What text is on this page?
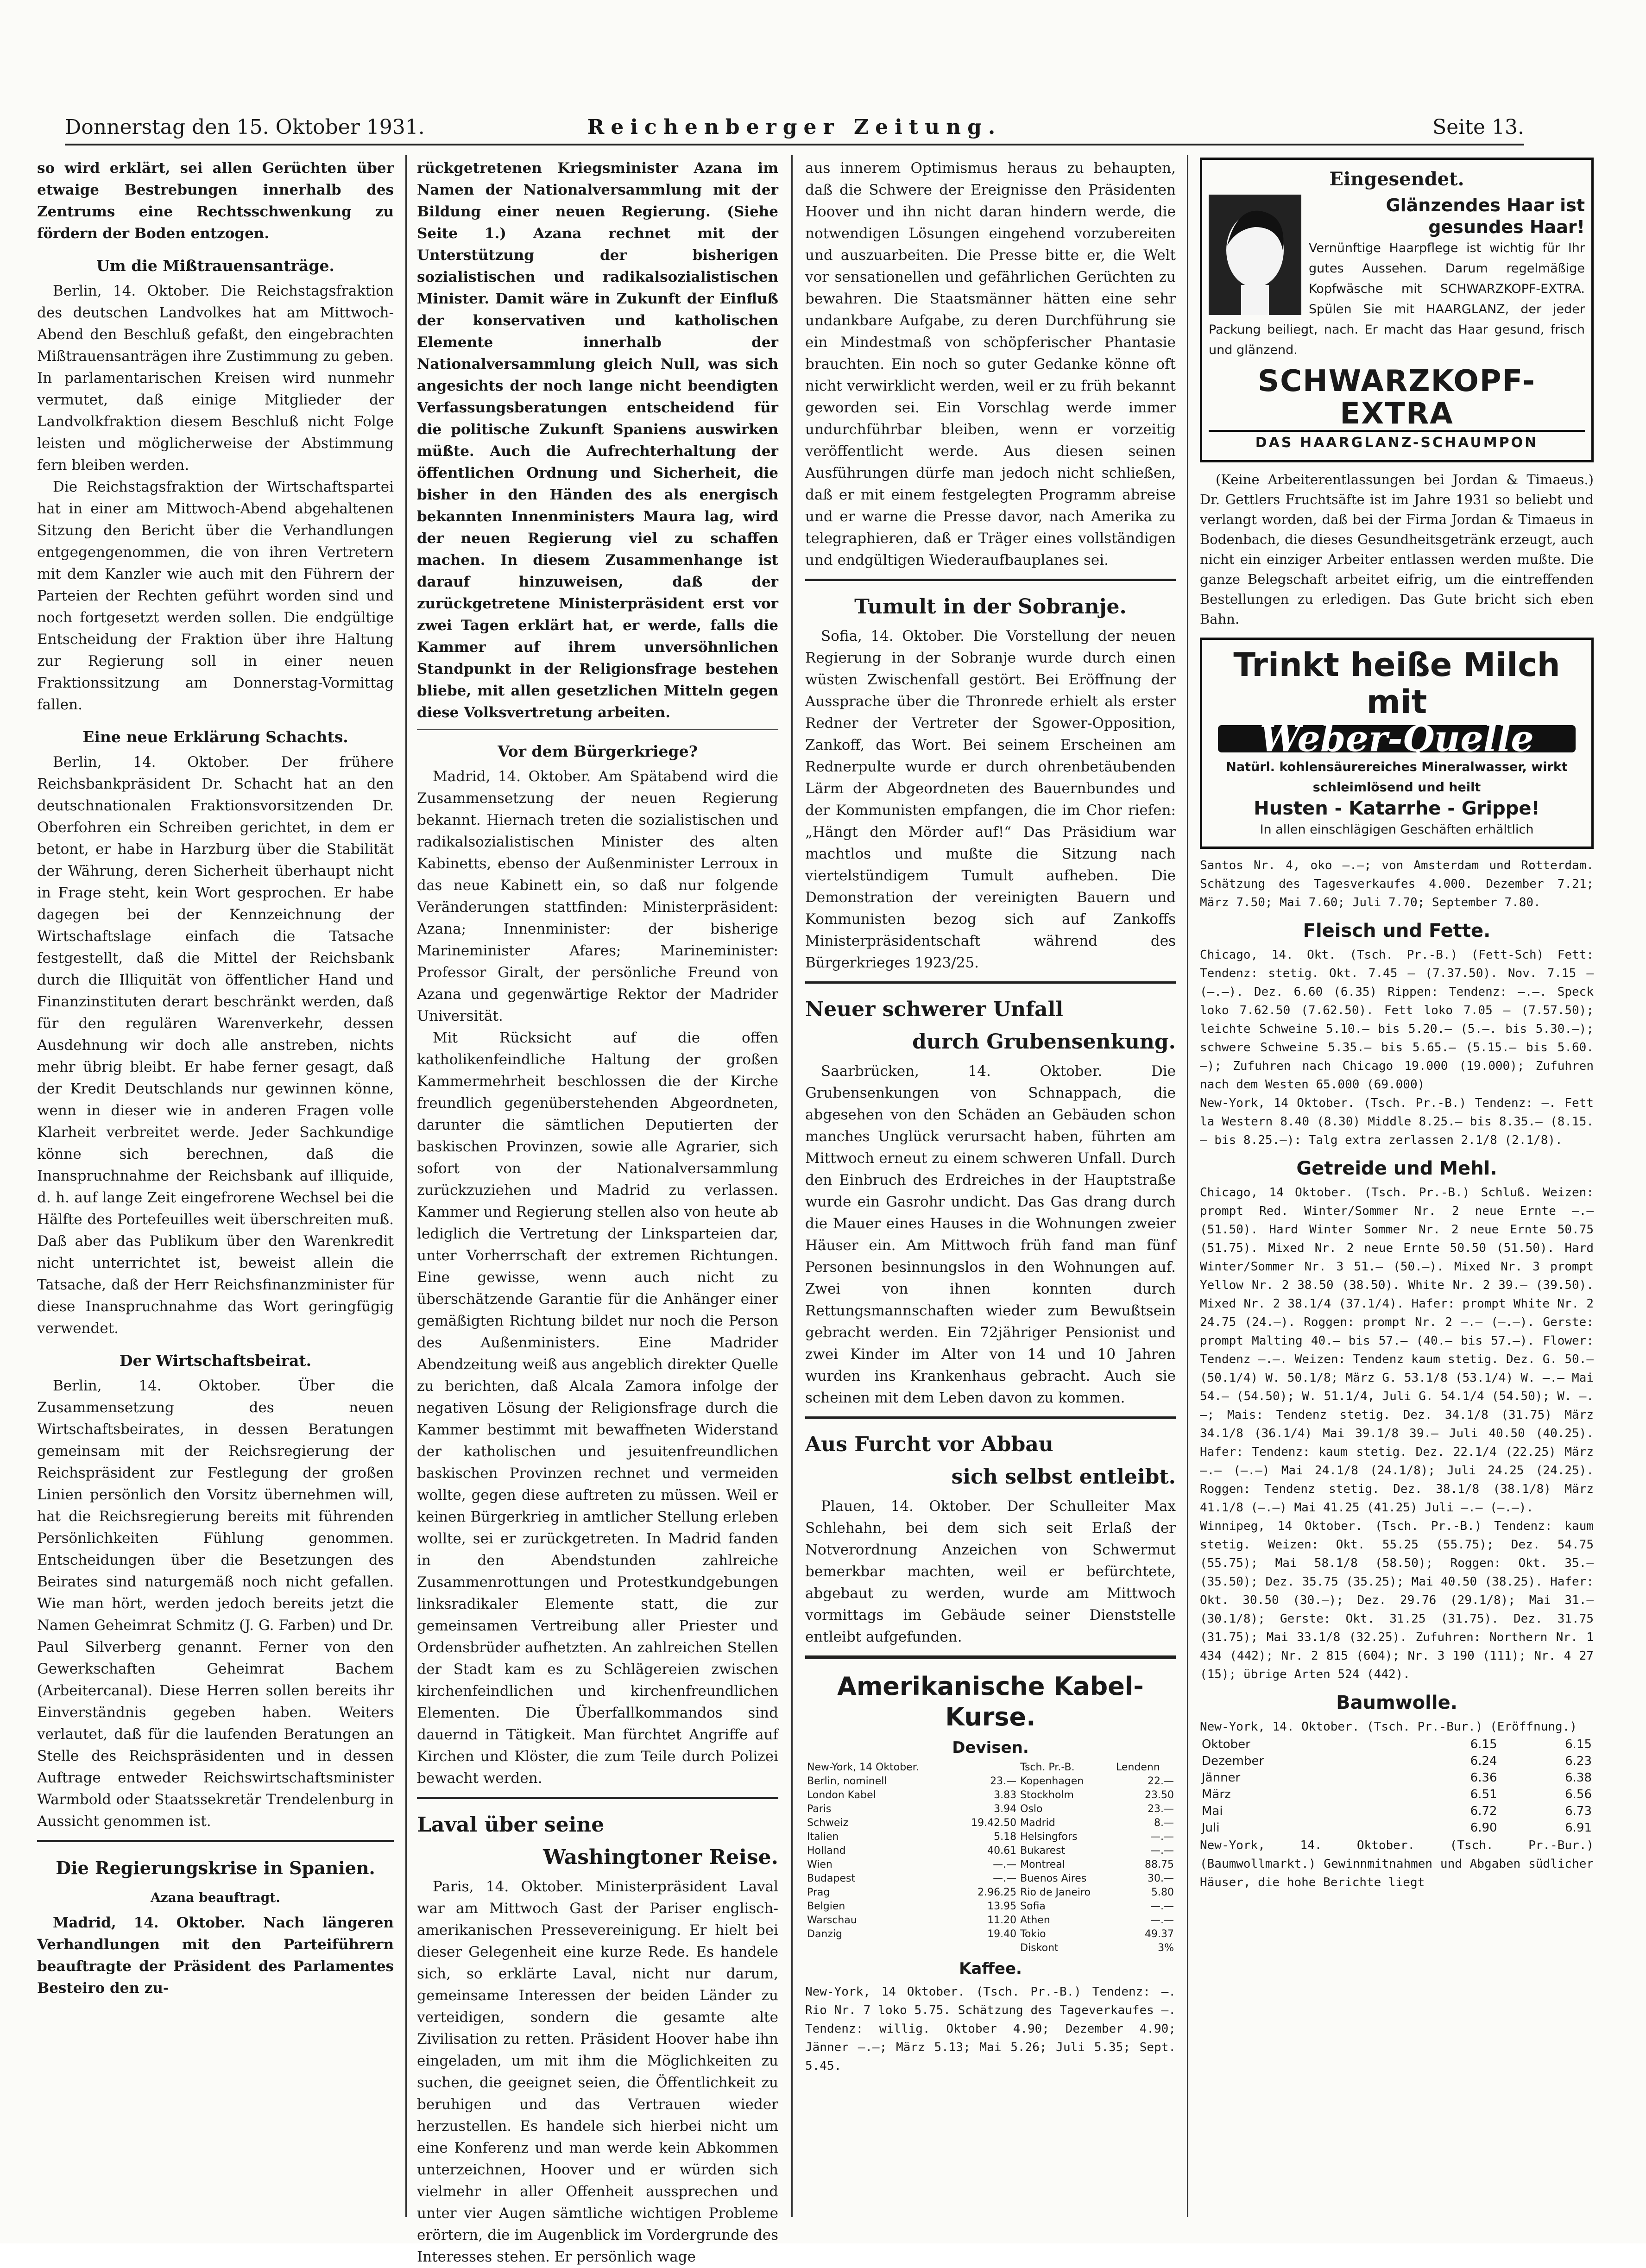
Donnerstag den 15. Oktober 1931.	Reichenberger Zeitung.	Seite 13.

so wird erklärt, sei allen Gerüchten über etwaige Bestrebungen innerhalb des Zentrums eine Rechtsschwenkung zu fördern der Boden entzogen.

Um die Mißtrauensanträge.

Berlin, 14. Oktober. Die Reichstagsfraktion des deutschen Landvolkes hat am Mittwoch-Abend den Beschluß gefaßt, den eingebrachten Mißtrauensanträgen ihre Zustimmung zu geben. In parlamentarischen Kreisen wird nunmehr vermutet, daß einige Mitglieder der Landvolkfraktion diesem Beschluß nicht Folge leisten und möglicherweise der Abstimmung fern bleiben werden.

Die Reichstagsfraktion der Wirtschaftspartei hat in einer am Mittwoch-Abend abgehaltenen Sitzung den Bericht über die Verhandlungen entgegengenommen, die von ihren Vertretern mit dem Kanzler wie auch mit den Führern der Parteien der Rechten geführt worden sind und noch fortgesetzt werden sollen. Die endgültige Entscheidung der Fraktion über ihre Haltung zur Regierung soll in einer neuen Fraktionssitzung am Donnerstag-Vormittag fallen.

Eine neue Erklärung Schachts.

Berlin, 14. Oktober. Der frühere Reichsbankpräsident Dr. Schacht hat an den deutschnationalen Fraktionsvorsitzenden Dr. Oberfohren ein Schreiben gerichtet, in dem er betont, er habe in Harzburg über die Stabilität der Währung, deren Sicherheit überhaupt nicht in Frage steht, kein Wort gesprochen. Er habe dagegen bei der Kennzeichnung der Wirtschaftslage einfach die Tatsache festgestellt, daß die Mittel der Reichsbank durch die Illiquität von öffentlicher Hand und Finanzinstituten derart beschränkt werden, daß für den regulären Warenverkehr, dessen Ausdehnung wir doch alle anstreben, nichts mehr übrig bleibt. Er habe ferner gesagt, daß der Kredit Deutschlands nur gewinnen könne, wenn in dieser wie in anderen Fragen volle Klarheit verbreitet werde. Jeder Sachkundige könne sich berechnen, daß die Inanspruchnahme der Reichsbank auf illiquide, d. h. auf lange Zeit eingefrorene Wechsel bei die Hälfte des Portefeuilles weit überschreiten muß. Daß aber das Publikum über den Warenkredit nicht unterrichtet ist, beweist allein die Tatsache, daß der Herr Reichsfinanzminister für diese Inanspruchnahme das Wort geringfügig verwendet.

Der Wirtschaftsbeirat.

Berlin, 14. Oktober. Über die Zusammensetzung des neuen Wirtschaftsbeirates, in dessen Beratungen gemeinsam mit der Reichsregierung der Reichspräsident zur Festlegung der großen Linien persönlich den Vorsitz übernehmen will, hat die Reichsregierung bereits mit führenden Persönlichkeiten Fühlung genommen. Entscheidungen über die Besetzungen des Beirates sind naturgemäß noch nicht gefallen. Wie man hört, werden jedoch bereits jetzt die Namen Geheimrat Schmitz (J. G. Farben) und Dr. Paul Silverberg genannt. Ferner von den Gewerkschaften Geheimrat Bachem (Arbeitercanal). Diese Herren sollen bereits ihr Einverständnis gegeben haben. Weiters verlautet, daß für die laufenden Beratungen an Stelle des Reichspräsidenten und in dessen Auftrage entweder Reichswirtschaftsminister Warmbold oder Staatssekretär Trendelenburg in Aussicht genommen ist.

Die Regierungskrise in Spanien.
Azana beauftragt.

Madrid, 14. Oktober. Nach längeren Verhandlungen mit den Parteiführern beauftragte der Präsident des Parlamentes Besteiro den zu-

rückgetretenen Kriegsminister Azana im Namen der Nationalversammlung mit der Bildung einer neuen Regierung. (Siehe Seite 1.) Azana rechnet mit der Unterstützung der bisherigen sozialistischen und radikalsozialistischen Minister. Damit wäre in Zukunft der Einfluß der konservativen und katholischen Elemente innerhalb der Nationalversammlung gleich Null, was sich angesichts der noch lange nicht beendigten Verfassungsberatungen entscheidend für die politische Zukunft Spaniens auswirken müßte. Auch die Aufrechterhaltung der öffentlichen Ordnung und Sicherheit, die bisher in den Händen des als energisch bekannten Innenministers Maura lag, wird der neuen Regierung viel zu schaffen machen. In diesem Zusammenhange ist darauf hinzuweisen, daß der zurückgetretene Ministerpräsident erst vor zwei Tagen erklärt hat, er werde, falls die Kammer auf ihrem unversöhnlichen Standpunkt in der Religionsfrage bestehen bliebe, mit allen gesetzlichen Mitteln gegen diese Volksvertretung arbeiten.

Vor dem Bürgerkriege?

Madrid, 14. Oktober. Am Spätabend wird die Zusammensetzung der neuen Regierung bekannt. Hiernach treten die sozialistischen und radikalsozialistischen Minister des alten Kabinetts, ebenso der Außenminister Lerroux in das neue Kabinett ein, so daß nur folgende Veränderungen stattfinden: Ministerpräsident: Azana; Innenminister: der bisherige Marineminister Afares; Marineminister: Professor Giralt, der persönliche Freund von Azana und gegenwärtige Rektor der Madrider Universität.

Mit Rücksicht auf die offen katholikenfeindliche Haltung der großen Kammermehrheit beschlossen die der Kirche freundlich gegenüberstehenden Abgeordneten, darunter die sämtlichen Deputierten der baskischen Provinzen, sowie alle Agrarier, sich sofort von der Nationalversammlung zurückzuziehen und Madrid zu verlassen. Kammer und Regierung stellen also von heute ab lediglich die Vertretung der Linksparteien dar, unter Vorherrschaft der extremen Richtungen. Eine gewisse, wenn auch nicht zu überschätzende Garantie für die Anhänger einer gemäßigten Richtung bildet nur noch die Person des Außenministers. Eine Madrider Abendzeitung weiß aus angeblich direkter Quelle zu berichten, daß Alcala Zamora infolge der negativen Lösung der Religionsfrage durch die Kammer bestimmt mit bewaffneten Widerstand der katholischen und jesuitenfreundlichen baskischen Provinzen rechnet und vermeiden wollte, gegen diese auftreten zu müssen. Weil er keinen Bürgerkrieg in amtlicher Stellung erleben wollte, sei er zurückgetreten. In Madrid fanden in den Abendstunden zahlreiche Zusammenrottungen und Protestkundgebungen linksradikaler Elemente statt, die zur gemeinsamen Vertreibung aller Priester und Ordensbrüder aufhetzten. An zahlreichen Stellen der Stadt kam es zu Schlägereien zwischen kirchenfeindlichen und kirchenfreundlichen Elementen. Die Überfallkommandos sind dauernd in Tätigkeit. Man fürchtet Angriffe auf Kirchen und Klöster, die zum Teile durch Polizei bewacht werden.

Laval über seine
Washingtoner Reise.

Paris, 14. Oktober. Ministerpräsident Laval war am Mittwoch Gast der Pariser englisch-amerikanischen Pressevereinigung. Er hielt bei dieser Gelegenheit eine kurze Rede. Es handele sich, so erklärte Laval, nicht nur darum, gemeinsame Interessen der beiden Länder zu verteidigen, sondern die gesamte alte Zivilisation zu retten. Präsident Hoover habe ihn eingeladen, um mit ihm die Möglichkeiten zu suchen, die geeignet seien, die Öffentlichkeit zu beruhigen und das Vertrauen wieder herzustellen. Es handele sich hierbei nicht um eine Konferenz und man werde kein Abkommen unterzeichnen, Hoover und er würden sich vielmehr in aller Offenheit aussprechen und unter vier Augen sämtliche wichtigen Probleme erörtern, die im Augenblick im Vordergrunde des Interesses stehen. Er persönlich wage

aus innerem Optimismus heraus zu behaupten, daß die Schwere der Ereignisse den Präsidenten Hoover und ihn nicht daran hindern werde, die notwendigen Lösungen eingehend vorzubereiten und auszuarbeiten. Die Presse bitte er, die Welt vor sensationellen und gefährlichen Gerüchten zu bewahren. Die Staatsmänner hätten eine sehr undankbare Aufgabe, zu deren Durchführung sie ein Mindestmaß von schöpferischer Phantasie brauchten. Ein noch so guter Gedanke könne oft nicht verwirklicht werden, weil er zu früh bekannt geworden sei. Ein Vorschlag werde immer undurchführbar bleiben, wenn er vorzeitig veröffentlicht werde. Aus diesen seinen Ausführungen dürfe man jedoch nicht schließen, daß er mit einem festgelegten Programm abreise und er warne die Presse davor, nach Amerika zu telegraphieren, daß er Träger eines vollständigen und endgültigen Wiederaufbauplanes sei.

Tumult in der Sobranje.

Sofia, 14. Oktober. Die Vorstellung der neuen Regierung in der Sobranje wurde durch einen wüsten Zwischenfall gestört. Bei Eröffnung der Aussprache über die Thronrede erhielt als erster Redner der Vertreter der Sgower-Opposition, Zankoff, das Wort. Bei seinem Erscheinen am Rednerpulte wurde er durch ohrenbetäubenden Lärm der Abgeordneten des Bauernbundes und der Kommunisten empfangen, die im Chor riefen: „Hängt den Mörder auf!“ Das Präsidium war machtlos und mußte die Sitzung nach viertelstündigem Tumult aufheben. Die Demonstration der vereinigten Bauern und Kommunisten bezog sich auf Zankoffs Ministerpräsidentschaft während des Bürgerkrieges 1923/25.

Neuer schwerer Unfall
durch Grubensenkung.

Saarbrücken, 14. Oktober. Die Grubensenkungen von Schnappach, die abgesehen von den Schäden an Gebäuden schon manches Unglück verursacht haben, führten am Mittwoch erneut zu einem schweren Unfall. Durch den Einbruch des Erdreiches in der Hauptstraße wurde ein Gasrohr undicht. Das Gas drang durch die Mauer eines Hauses in die Wohnungen zweier Häuser ein. Am Mittwoch früh fand man fünf Personen besinnungslos in den Wohnungen auf. Zwei von ihnen konnten durch Rettungsmannschaften wieder zum Bewußtsein gebracht werden. Ein 72jähriger Pensionist und zwei Kinder im Alter von 14 und 10 Jahren wurden ins Krankenhaus gebracht. Auch sie scheinen mit dem Leben davon zu kommen.

Aus Furcht vor Abbau
sich selbst entleibt.

Plauen, 14. Oktober. Der Schulleiter Max Schlehahn, bei dem sich seit Erlaß der Notverordnung Anzeichen von Schwermut bemerkbar machten, weil er befürchtete, abgebaut zu werden, wurde am Mittwoch vormittags im Gebäude seiner Dienststelle entleibt aufgefunden.

Amerikanische Kabel-Kurse.
Devisen.
New-York, 14 Oktober.		Tsch. Pr.-B.	Lendenn
Berlin, nominell	23.—	Kopenhagen	22.—
London Kabel	3.83	Stockholm	23.50
Paris	3.94	Oslo	23.—
Schweiz	19.42.50	Madrid	8.—
Italien	5.18	Helsingfors	—.—
Holland	40.61	Bukarest	—.—
Wien	—.—	Montreal	88.75
Budapest	—.—	Buenos Aires	30.—
Prag	2.96.25	Rio de Janeiro	5.80
Belgien	13.95	Sofia	—.—
Warschau	11.20	Athen	—.—
Danzig	19.40	Tokio	49.37
		Diskont	3%
Kaffee.

New-York, 14 Oktober. (Tsch. Pr.-B.) Tendenz: —. Rio Nr. 7 loko 5.75. Schätzung des Tageverkaufes —. Tendenz: willig. Oktober 4.90; Dezember 4.90; Jänner —.—; März 5.13; Mai 5.26; Juli 5.35; Sept. 5.45.

Eingesendet.
Glänzendes Haar ist gesundes Haar!

Vernünftige Haarpflege ist wichtig für Ihr gutes Aussehen. Darum regelmäßige Kopfwäsche mit SCHWARZKOPF-EXTRA. Spülen Sie mit HAARGLANZ, der jeder Packung beiliegt, nach. Er macht das Haar gesund, frisch und glänzend.

SCHWARZKOPF-EXTRA
DAS HAARGLANZ-SCHAUMPON

(Keine Arbeiterentlassungen bei Jordan & Timaeus.) Dr. Gettlers Fruchtsäfte ist im Jahre 1931 so beliebt und verlangt worden, daß bei der Firma Jordan & Timaeus in Bodenbach, die dieses Gesundheitsgetränk erzeugt, auch nicht ein einziger Arbeiter entlassen werden mußte. Die ganze Belegschaft arbeitet eifrig, um die eintreffenden Bestellungen zu erledigen. Das Gute bricht sich eben Bahn.

Trinkt heiße Milch mit
Weber-Quelle

Natürl. kohlensäurereiches Mineralwasser, wirkt schleimlösend und heilt

Husten - Katarrhe - Grippe!

In allen einschlägigen Geschäften erhältlich

Santos Nr. 4, oko —.—; von Amsterdam und Rotterdam. Schätzung des Tagesverkaufes 4.000. Dezember 7.21; März 7.50; Mai 7.60; Juli 7.70; September 7.80.

Fleisch und Fette.

Chicago, 14. Okt. (Tsch. Pr.-B.) (Fett-Sch) Fett: Tendenz: stetig. Okt. 7.45 — (7.37.50). Nov. 7.15 — (—.—). Dez. 6.60 (6.35) Rippen: Tendenz: —.—. Speck loko 7.62.50 (7.62.50). Fett loko 7.05 — (7.57.50); leichte Schweine 5.10.— bis 5.20.— (5.—. bis 5.30.—); schwere Schweine 5.35.— bis 5.65.— (5.15.— bis 5.60.—); Zufuhren nach Chicago 19.000 (19.000); Zufuhren nach dem Westen 65.000 (69.000)

New-York, 14 Oktober. (Tsch. Pr.-B.) Tendenz: —. Fett la Western 8.40 (8.30) Middle 8.25.— bis 8.35.— (8.15.— bis 8.25.—): Talg extra zerlassen 2.1/8 (2.1/8).

Getreide und Mehl.

Chicago, 14 Oktober. (Tsch. Pr.-B.) Schluß. Weizen: prompt Red. Winter/Sommer Nr. 2 neue Ernte —.— (51.50). Hard Winter Sommer Nr. 2 neue Ernte 50.75 (51.75). Mixed Nr. 2 neue Ernte 50.50 (51.50). Hard Winter/Sommer Nr. 3 51.— (50.—). Mixed Nr. 3 prompt Yellow Nr. 2 38.50 (38.50). White Nr. 2 39.— (39.50). Mixed Nr. 2 38.1/4 (37.1/4). Hafer: prompt White Nr. 2 24.75 (24.—). Roggen: prompt Nr. 2 —.— (—.—). Gerste: prompt Malting 40.— bis 57.— (40.— bis 57.—). Flower: Tendenz —.—. Weizen: Tendenz kaum stetig. Dez. G. 50.— (50.1/4) W. 50.1/8; März G. 53.1/8 (53.1/4) W. —.— Mai 54.— (54.50); W. 51.1/4, Juli G. 54.1/4 (54.50); W. —.—; Mais: Tendenz stetig. Dez. 34.1/8 (31.75) März 34.1/8 (36.1/4) Mai 39.1/8 39.— Juli 40.50 (40.25). Hafer: Tendenz: kaum stetig. Dez. 22.1/4 (22.25) März —.— (—.—) Mai 24.1/8 (24.1/8); Juli 24.25 (24.25). Roggen: Tendenz stetig. Dez. 38.1/8 (38.1/8) März 41.1/8 (—.—) Mai 41.25 (41.25) Juli —.— (—.—).

Winnipeg, 14 Oktober. (Tsch. Pr.-B.) Tendenz: kaum stetig. Weizen: Okt. 55.25 (55.75); Dez. 54.75 (55.75); Mai 58.1/8 (58.50); Roggen: Okt. 35.— (35.50); Dez. 35.75 (35.25); Mai 40.50 (38.25). Hafer: Okt. 30.50 (30.—); Dez. 29.76 (29.1/8); Mai 31.— (30.1/8); Gerste: Okt. 31.25 (31.75). Dez. 31.75 (31.75); Mai 33.1/8 (32.25). Zufuhren: Northern Nr. 1 434 (442); Nr. 2 815 (604); Nr. 3 190 (111); Nr. 4 27 (15); übrige Arten 524 (442).

Baumwolle.

New-York, 14. Oktober. (Tsch. Pr.-Bur.) (Eröffnung.)

Oktober	6.15	6.15
Dezember	6.24	6.23
Jänner	6.36	6.38
März	6.51	6.56
Mai	6.72	6.73
Juli	6.90	6.91

New-York, 14. Oktober. (Tsch. Pr.-Bur.) (Baumwollmarkt.) Gewinnmitnahmen und Abgaben südlicher Häuser, die hohe Berichte liegt
